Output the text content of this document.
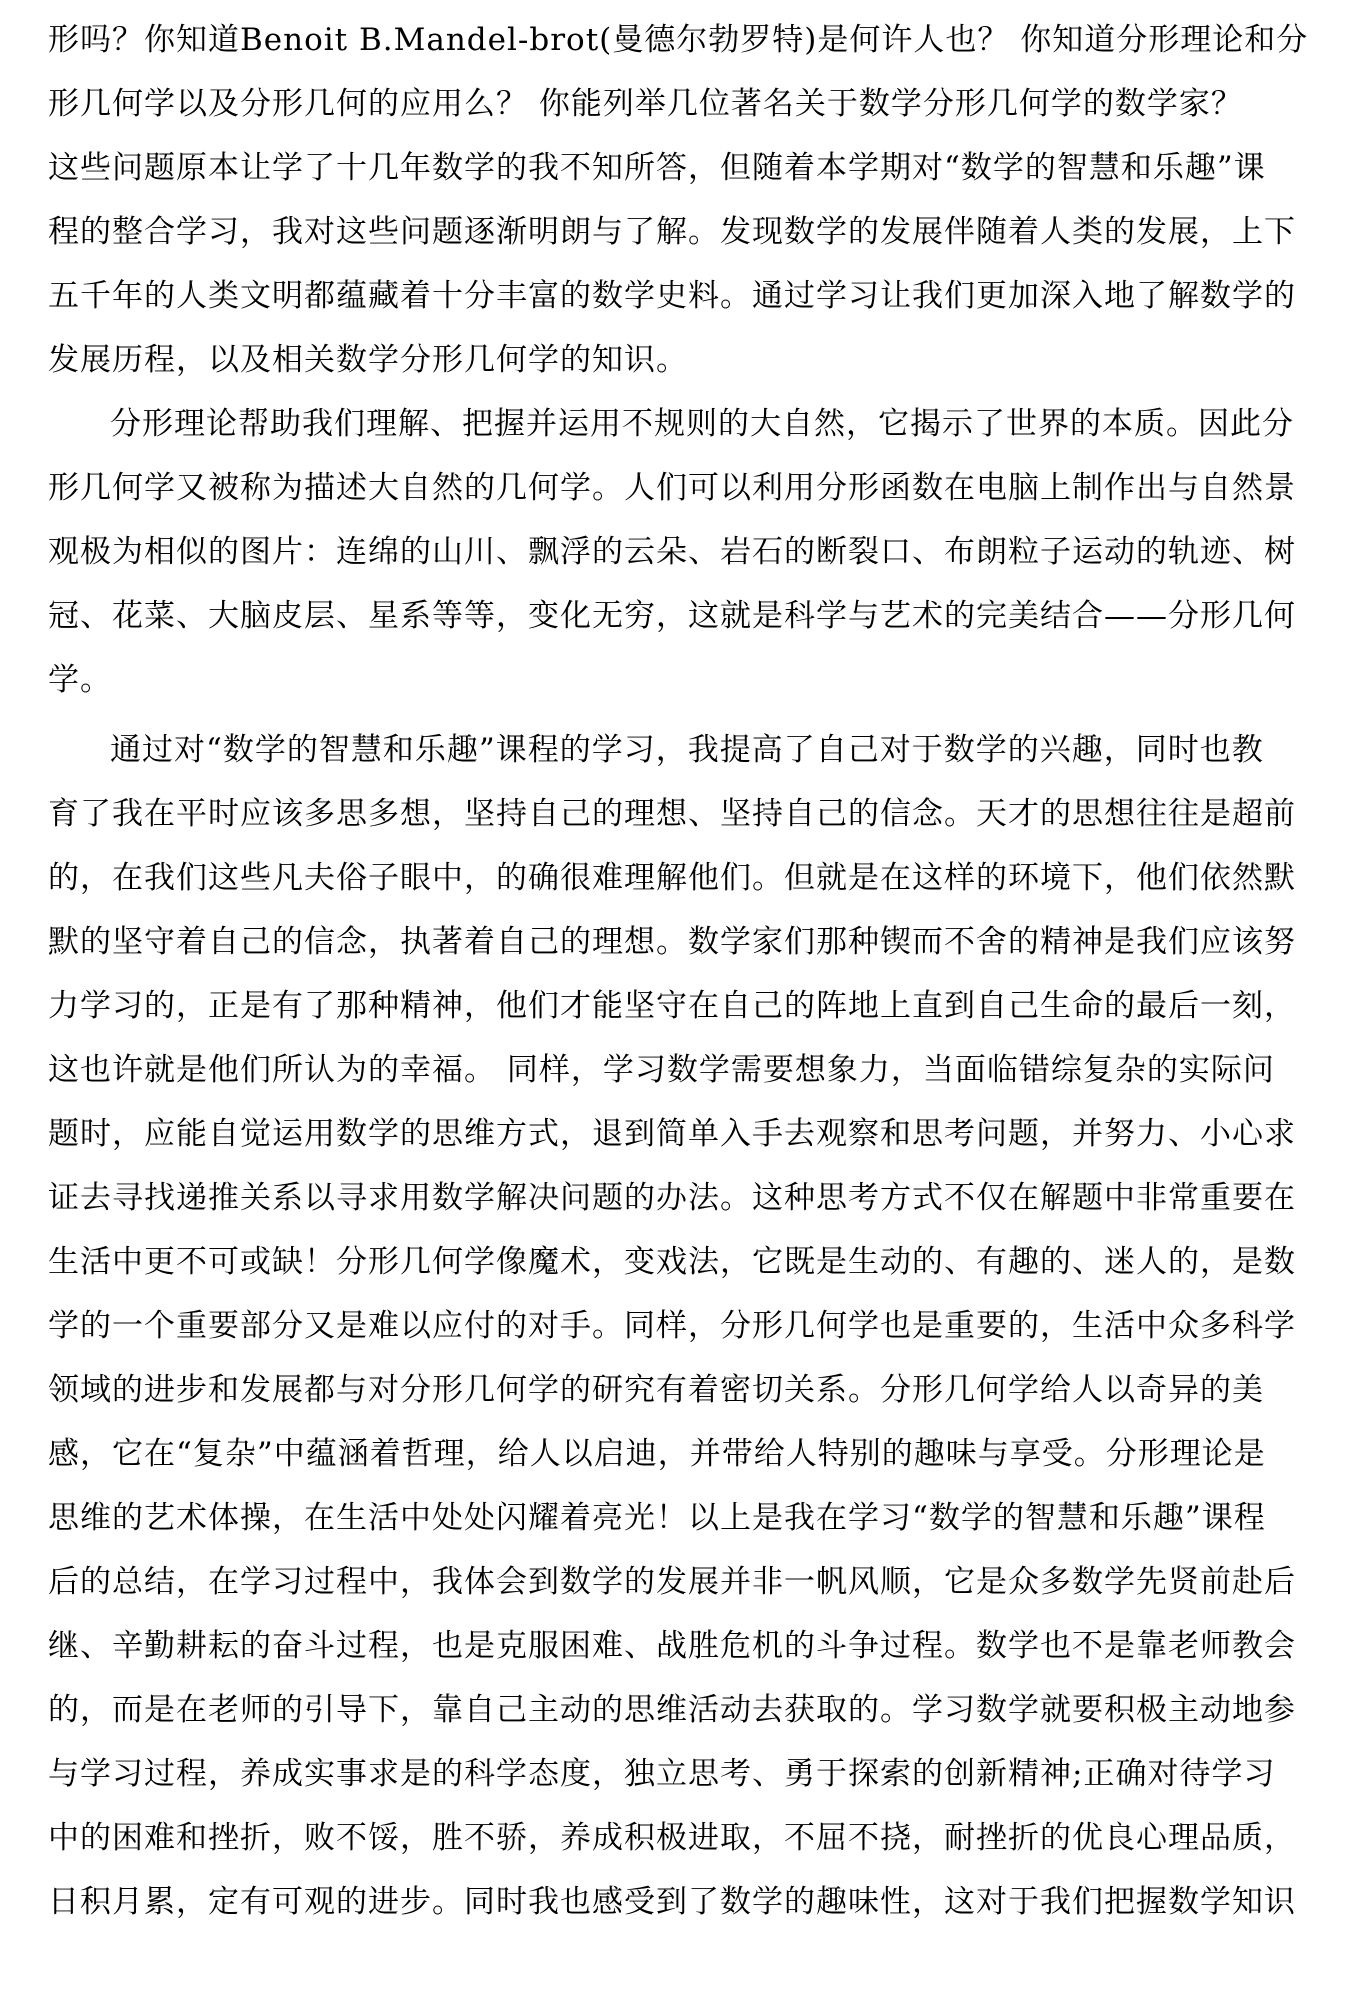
形吗？你知道Benoit B.Mandel-brot(曼德尔勃罗特)是何许人也？ 你知道分形理论和分
形几何学以及分形几何的应用么？ 你能列举几位著名关于数学分形几何学的数学家？
这些问题原本让学了十几年数学的我不知所答，但随着本学期对“数学的智慧和乐趣”课
程的整合学习，我对这些问题逐渐明朗与了解。发现数学的发展伴随着人类的发展，上下
五千年的人类文明都蕴藏着十分丰富的数学史料。通过学习让我们更加深入地了解数学的
发展历程，以及相关数学分形几何学的知识。
分形理论帮助我们理解、把握并运用不规则的大自然，它揭示了世界的本质。因此分
形几何学又被称为描述大自然的几何学。人们可以利用分形函数在电脑上制作出与自然景
观极为相似的图片：连绵的山川、飘浮的云朵、岩石的断裂口、布朗粒子运动的轨迹、树
冠、花菜、大脑皮层、星系等等，变化无穷，这就是科学与艺术的完美结合——分形几何
学。
通过对“数学的智慧和乐趣”课程的学习，我提高了自己对于数学的兴趣，同时也教
育了我在平时应该多思多想，坚持自己的理想、坚持自己的信念。天才的思想往往是超前
的，在我们这些凡夫俗子眼中，的确很难理解他们。但就是在这样的环境下，他们依然默
默的坚守着自己的信念，执著着自己的理想。数学家们那种锲而不舍的精神是我们应该努
力学习的，正是有了那种精神，他们才能坚守在自己的阵地上直到自己生命的最后一刻，
这也许就是他们所认为的幸福。 同样，学习数学需要想象力，当面临错综复杂的实际问
题时，应能自觉运用数学的思维方式，退到简单入手去观察和思考问题，并努力、小心求
证去寻找递推关系以寻求用数学解决问题的办法。这种思考方式不仅在解题中非常重要在
生活中更不可或缺！分形几何学像魔术，变戏法，它既是生动的、有趣的、迷人的，是数
学的一个重要部分又是难以应付的对手。同样，分形几何学也是重要的，生活中众多科学
领域的进步和发展都与对分形几何学的研究有着密切关系。分形几何学给人以奇异的美
感，它在“复杂”中蕴涵着哲理，给人以启迪，并带给人特别的趣味与享受。分形理论是
思维的艺术体操，在生活中处处闪耀着亮光！以上是我在学习“数学的智慧和乐趣”课程
后的总结，在学习过程中，我体会到数学的发展并非一帆风顺，它是众多数学先贤前赴后
继、辛勤耕耘的奋斗过程，也是克服困难、战胜危机的斗争过程。数学也不是靠老师教会
的，而是在老师的引导下，靠自己主动的思维活动去获取的。学习数学就要积极主动地参
与学习过程，养成实事求是的科学态度，独立思考、勇于探索的创新精神;正确对待学习
中的困难和挫折，败不馁，胜不骄，养成积极进取，不屈不挠，耐挫折的优良心理品质，
日积月累，定有可观的进步。同时我也感受到了数学的趣味性，这对于我们把握数学知识
